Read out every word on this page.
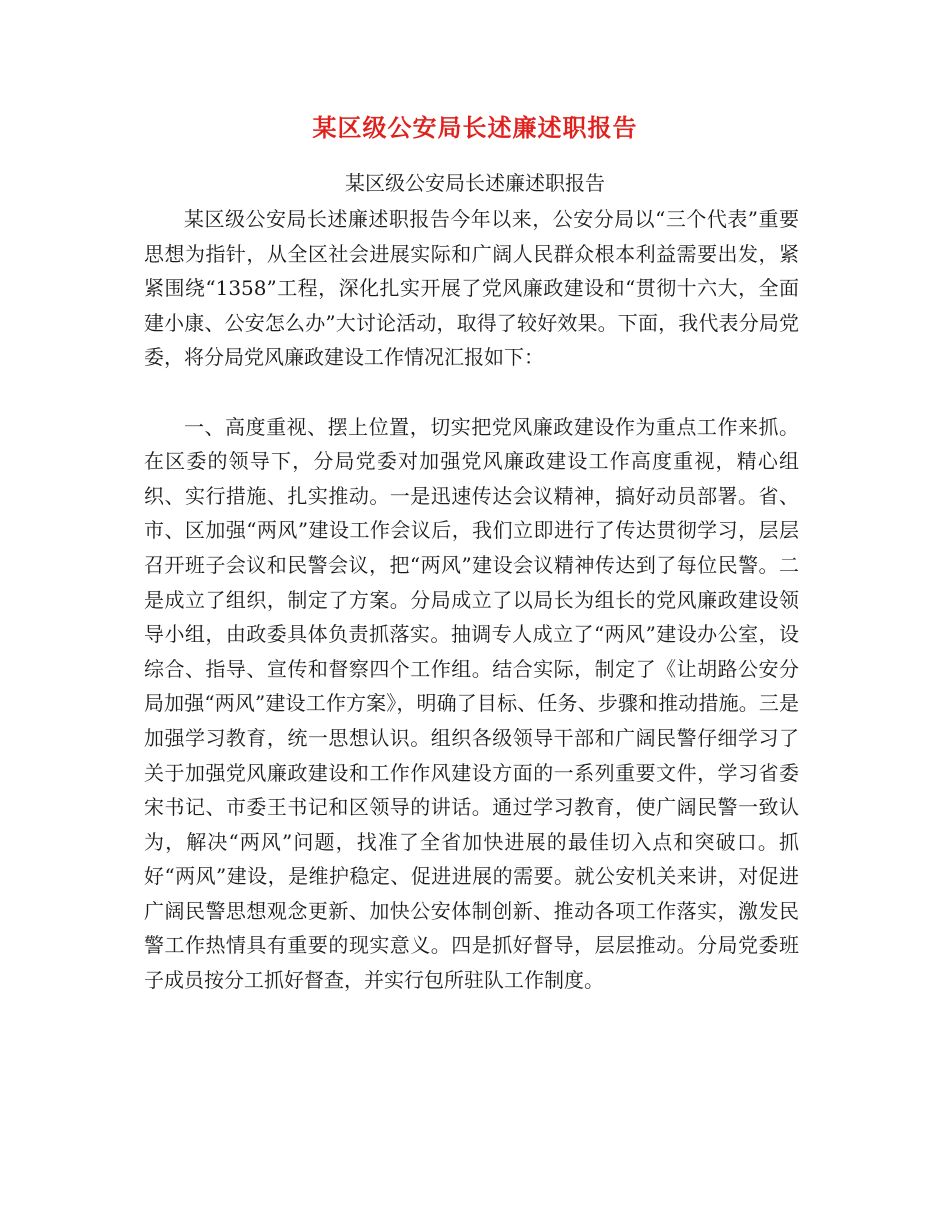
某区级公安局长述廉述职报告
某区级公安局长述廉述职报告

某区级公安局长述廉述职报告今年以来，公安分局以“三个代表”重要思想为指针，从全区社会进展实际和广阔人民群众根本利益需要出发，紧紧围绕“1358”工程，深化扎实开展了党风廉政建设和“贯彻十六大，全面建小康、公安怎么办”大讨论活动，取得了较好效果。下面，我代表分局党委，将分局党风廉政建设工作情况汇报如下：

一、高度重视、摆上位置，切实把党风廉政建设作为重点工作来抓。 在区委的领导下，分局党委对加强党风廉政建设工作高度重视，精心组织、实行措施、扎实推动。一是迅速传达会议精神，搞好动员部署。省、市、区加强“两风”建设工作会议后，我们立即进行了传达贯彻学习，层层召开班子会议和民警会议，把“两风”建设会议精神传达到了每位民警。二是成立了组织，制定了方案。分局成立了以局长为组长的党风廉政建设领导小组，由政委具体负责抓落实。抽调专人成立了“两风”建设办公室，设综合、指导、宣传和督察四个工作组。结合实际，制定了《让胡路公安分局加强“两风”建设工作方案》，明确了目标、任务、步骤和推动措施。三是加强学习教育，统一思想认识。组织各级领导干部和广阔民警仔细学习了关于加强党风廉政建设和工作作风建设方面的一系列重要文件，学习省委宋书记、市委王书记和区领导的讲话。通过学习教育，使广阔民警一致认为，解决“两风”问题，找准了全省加快进展的最佳切入点和突破口。抓好“两风”建设，是维护稳定、促进进展的需要。就公安机关来讲，对促进广阔民警思想观念更新、加快公安体制创新、推动各项工作落实，激发民警工作热情具有重要的现实意义。四是抓好督导，层层推动。分局党委班子成员按分工抓好督查，并实行包所驻队工作制度。
